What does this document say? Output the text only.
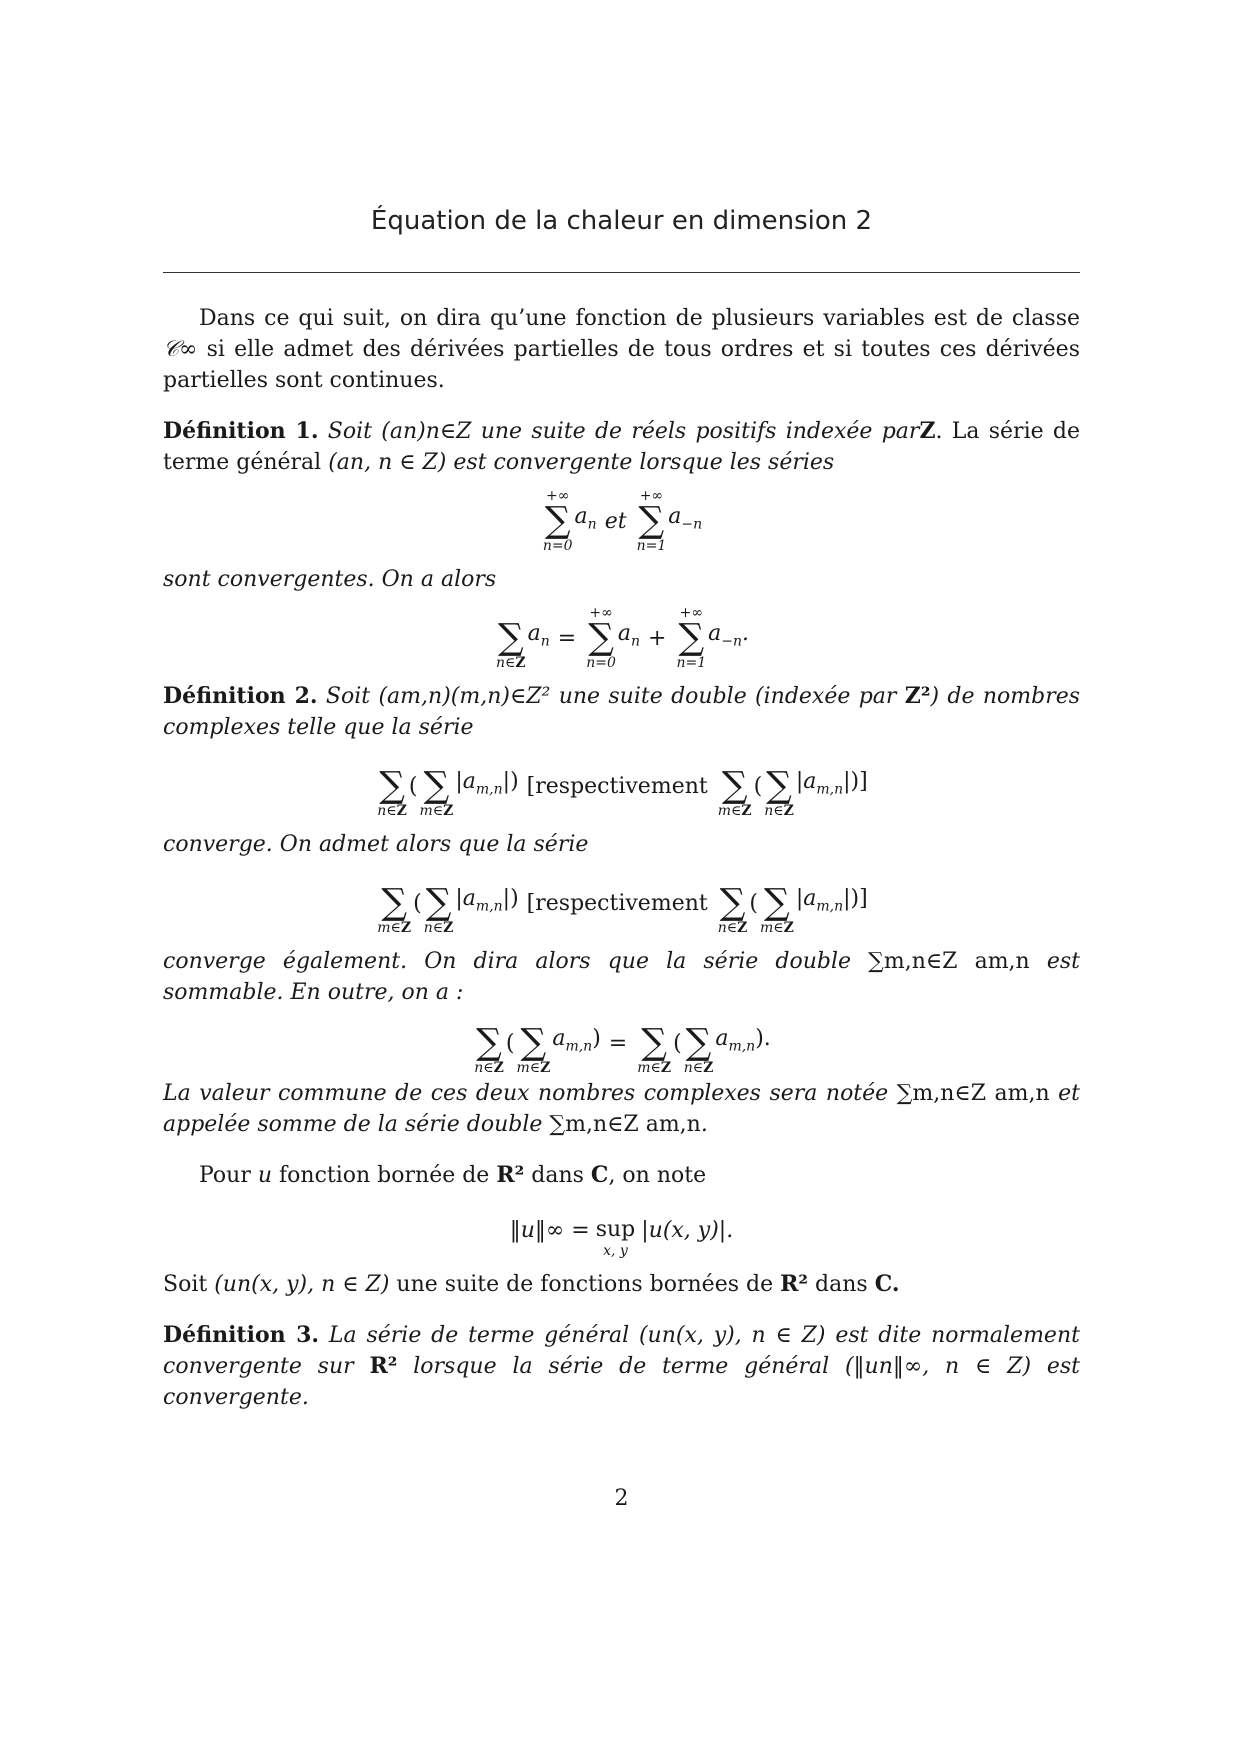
Équation de la chaleur en dimension 2

Dans ce qui suit, on dira qu’une fonction de plusieurs variables est de classe 𝒞∞ si elle admet des dérivées partielles de tous ordres et si toutes ces dérivées partielles sont continues.

Définition 1. Soit (an)n∈Z une suite de réels positifs indexée parZ. La série de terme général (an, n ∈ Z) est convergente lorsque les séries

+∞
∑
n=0
$a_n$ et
+∞
∑
n=1
$a_{-n}$

sont convergentes. On a alors

∑
n∈Z
$a_n$ =
+∞
∑
n=0
$a_n$ +
+∞
∑
n=1
$a_{-n}$.

Définition 2. Soit (am,n)(m,n)∈Z² une suite double (indexée par Z²) de nombres complexes telle que la série

∑
n∈Z
( ∑
m∈Z
$|a_{m,n}|$) [respectivement ∑
m∈Z
( ∑
n∈Z
$|a_{m,n}|$)]

converge. On admet alors que la série

∑
m∈Z
( ∑
n∈Z
$|a_{m,n}|$) [respectivement ∑
n∈Z
( ∑
m∈Z
$|a_{m,n}|$)]

converge également. On dira alors que la série double ∑m,n∈Z am,n est sommable. En outre, on a :

∑
n∈Z
( ∑
m∈Z
$a_{m,n}$) = ∑
m∈Z
( ∑
n∈Z
$a_{m,n}$).

La valeur commune de ces deux nombres complexes sera notée ∑m,n∈Z am,n et appelée somme de la série double ∑m,n∈Z am,n.

Pour u fonction bornée de R² dans C, on note

‖u‖∞ = sup
x, y
|u(x, y)|.

Soit (un(x, y), n ∈ Z) une suite de fonctions bornées de R² dans C.

Définition 3. La série de terme général (un(x, y), n ∈ Z) est dite normalement convergente sur R² lorsque la série de terme général (‖un‖∞, n ∈ Z) est convergente.

2
